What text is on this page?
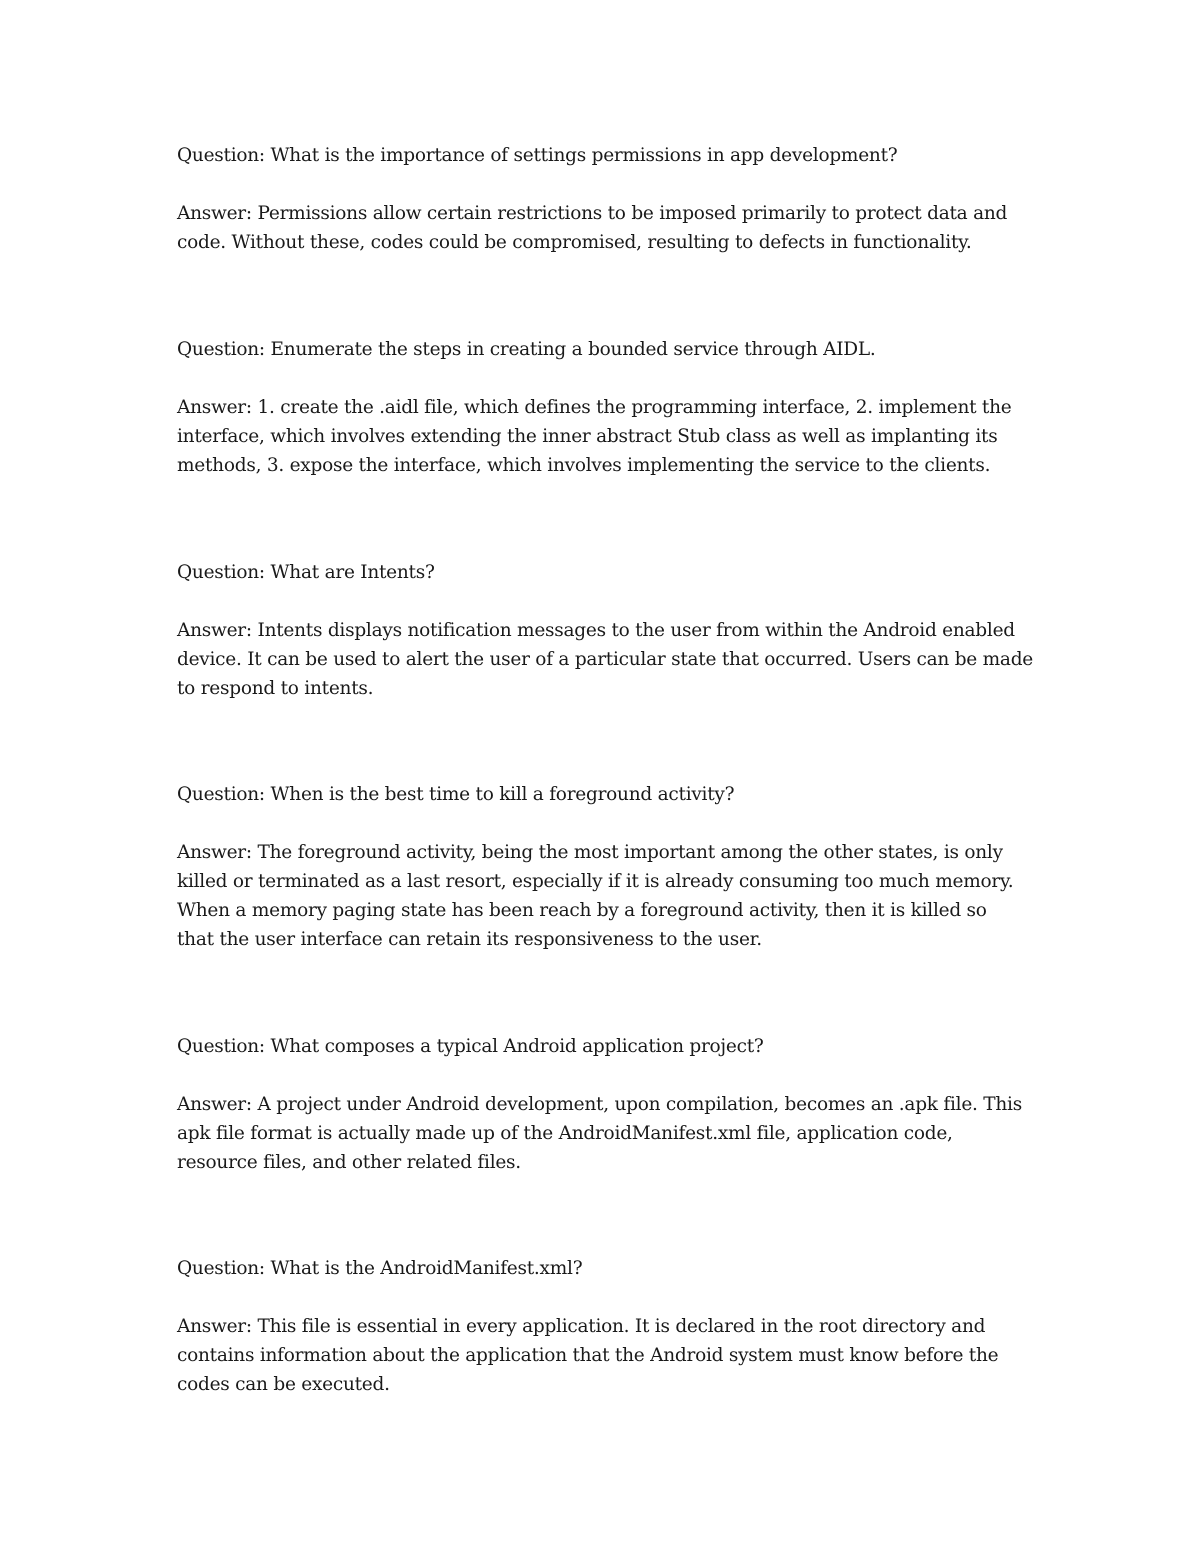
Question: What is the importance of settings permissions in app development?

Answer: Permissions allow certain restrictions to be imposed primarily to protect data and
code. Without these, codes could be compromised, resulting to defects in functionality.

Question: Enumerate the steps in creating a bounded service through AIDL.

Answer: 1. create the .aidl file, which defines the programming interface, 2. implement the
interface, which involves extending the inner abstract Stub class as well as implanting its
methods, 3. expose the interface, which involves implementing the service to the clients.

Question: What are Intents?

Answer: Intents displays notification messages to the user from within the Android enabled
device. It can be used to alert the user of a particular state that occurred. Users can be made
to respond to intents.

Question: When is the best time to kill a foreground activity?

Answer: The foreground activity, being the most important among the other states, is only
killed or terminated as a last resort, especially if it is already consuming too much memory.
When a memory paging state has been reach by a foreground activity, then it is killed so
that the user interface can retain its responsiveness to the user.

Question: What composes a typical Android application project?

Answer: A project under Android development, upon compilation, becomes an .apk file. This
apk file format is actually made up of the AndroidManifest.xml file, application code,
resource files, and other related files.

Question: What is the AndroidManifest.xml?

Answer: This file is essential in every application. It is declared in the root directory and
contains information about the application that the Android system must know before the
codes can be executed.
